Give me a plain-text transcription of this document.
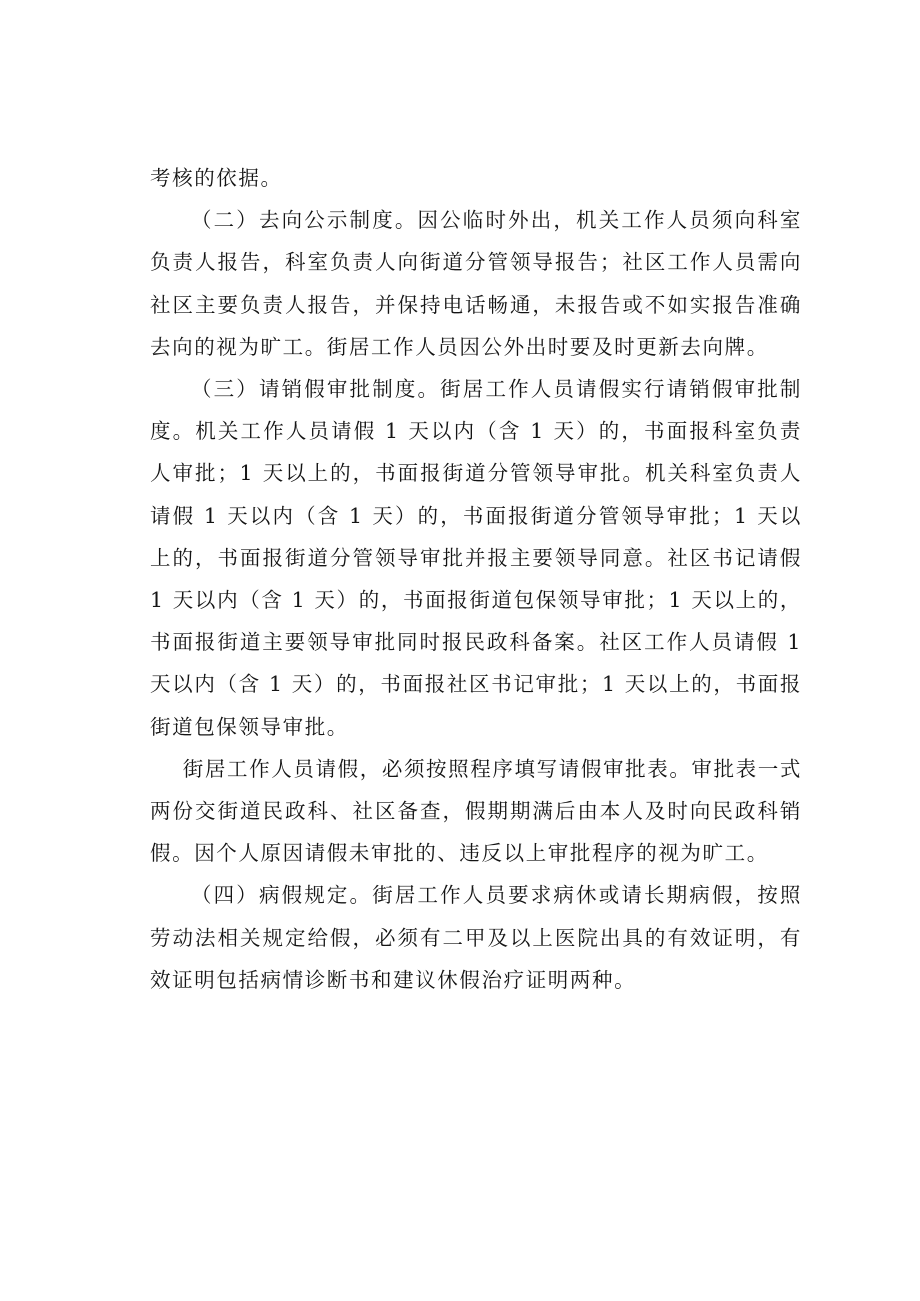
考核的依据。

（二）去向公示制度。因公临时外出，机关工作人员须向科室负责人报告，科室负责人向街道分管领导报告；社区工作人员需向社区主要负责人报告，并保持电话畅通，未报告或不如实报告准确去向的视为旷工。街居工作人员因公外出时要及时更新去向牌。

（三）请销假审批制度。街居工作人员请假实行请销假审批制度。机关工作人员请假 1 天以内（含 1 天）的，书面报科室负责人审批；1 天以上的，书面报街道分管领导审批。机关科室负责人请假 1 天以内（含 1 天）的，书面报街道分管领导审批；1 天以上的，书面报街道分管领导审批并报主要领导同意。社区书记请假 1 天以内（含 1 天）的，书面报街道包保领导审批；1 天以上的，书面报街道主要领导审批同时报民政科备案。社区工作人员请假 1 天以内（含 1 天）的，书面报社区书记审批；1 天以上的，书面报街道包保领导审批。

街居工作人员请假，必须按照程序填写请假审批表。审批表一式两份交街道民政科、社区备查，假期期满后由本人及时向民政科销假。因个人原因请假未审批的、违反以上审批程序的视为旷工。

（四）病假规定。街居工作人员要求病休或请长期病假，按照劳动法相关规定给假，必须有二甲及以上医院出具的有效证明，有效证明包括病情诊断书和建议休假治疗证明两种。
